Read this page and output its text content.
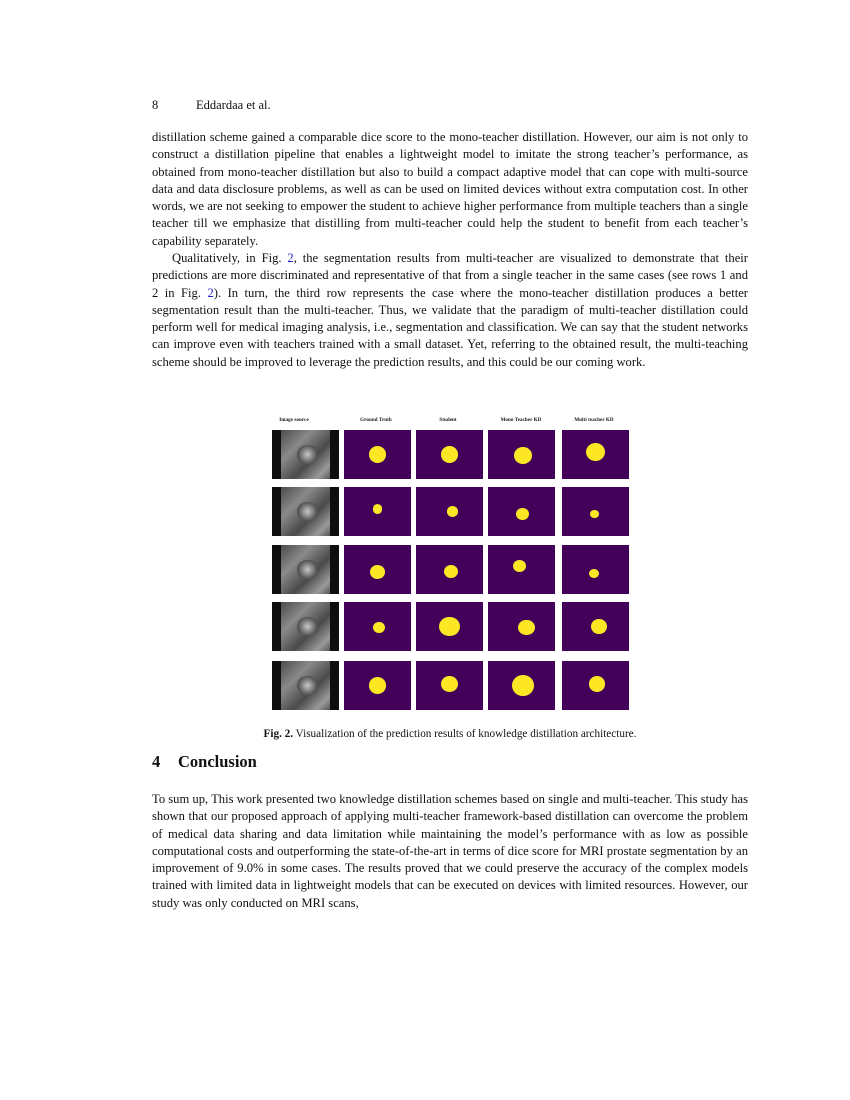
8	Eddardaa et al.
distillation scheme gained a comparable dice score to the mono-teacher distillation. However, our aim is not only to construct a distillation pipeline that enables a lightweight model to imitate the strong teacher’s performance, as obtained from mono-teacher distillation but also to build a compact adaptive model that can cope with multi-source data and data disclosure problems, as well as can be used on limited devices without extra computation cost. In other words, we are not seeking to empower the student to achieve higher performance from multiple teachers than a single teacher till we emphasize that distilling from multi-teacher could help the student to benefit from each teacher’s capability separately.
Qualitatively, in Fig. 2, the segmentation results from multi-teacher are visualized to demonstrate that their predictions are more discriminated and representative of that from a single teacher in the same cases (see rows 1 and 2 in Fig. 2). In turn, the third row represents the case where the mono-teacher distillation produces a better segmentation result than the multi-teacher. Thus, we validate that the paradigm of multi-teacher distillation could perform well for medical imaging analysis, i.e., segmentation and classification. We can say that the student networks can improve even with teachers trained with a small dataset. Yet, referring to the obtained result, the multi-teaching scheme should be improved to leverage the prediction results, and this could be our coming work.
Image source	Ground Truth	Student	Mono Teacher KD	Multi teacher KD
Fig. 2. Visualization of the prediction results of knowledge distillation architecture.
4 Conclusion
To sum up, This work presented two knowledge distillation schemes based on single and multi-teacher. This study has shown that our proposed approach of applying multi-teacher framework-based distillation can overcome the problem of medical data sharing and data limitation while maintaining the model’s performance with as low as possible computational costs and outperforming the state-of-the-art in terms of dice score for MRI prostate segmentation by an improvement of 9.0% in some cases. The results proved that we could preserve the accuracy of the complex models trained with limited data in lightweight models that can be executed on devices with limited resources. However, our study was only conducted on MRI scans,
